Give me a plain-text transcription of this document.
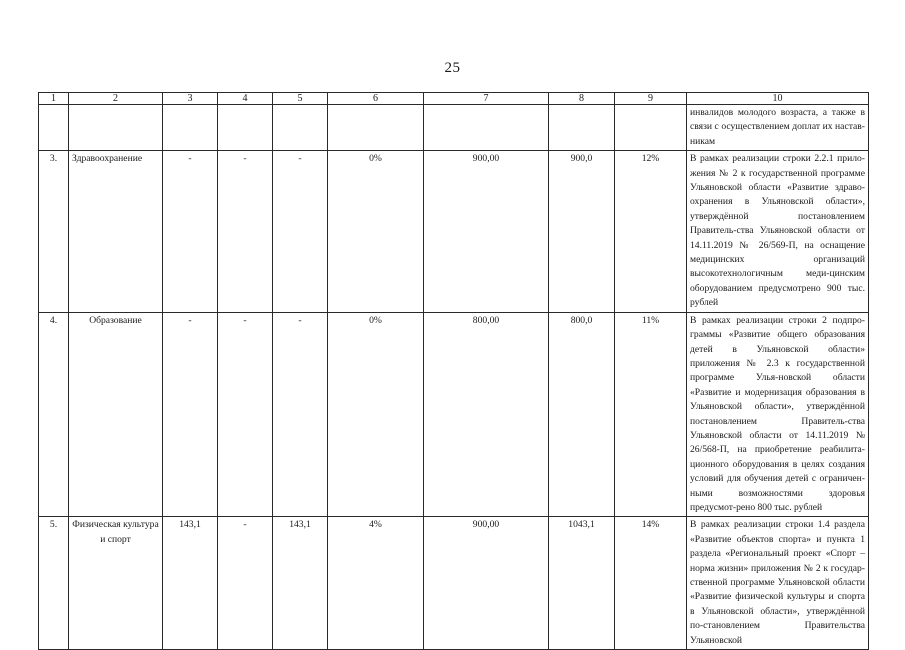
25
1	2	3	4	5	6	7	8	9	10
									инвалидов молодого возраста, а также в связи с осуществлением доплат их настав-никам
3.	Здравоохранение	-	-	-	0%	900,00	900,0	12%	В рамках реализации строки 2.2.1 прило-жения № 2 к государственной программе Ульяновской области «Развитие здраво-охранения в Ульяновской области», утверждённой постановлением Правитель-ства Ульяновской области от 14.11.2019 № 26/569-П, на оснащение медицинских организаций высокотехнологичным меди-цинским оборудованием предусмотрено 900 тыс. рублей
4.	Образование	-	-	-	0%	800,00	800,0	11%	В рамках реализации строки 2 подпро-граммы «Развитие общего образования детей в Ульяновской области» приложения № 2.3 к государственной программе Улья-новской области «Развитие и модернизация образования в Ульяновской области», утверждённой постановлением Правитель-ства Ульяновской области от 14.11.2019 № 26/568-П, на приобретение реабилита-ционного оборудования в целях создания условий для обучения детей с ограничен-ными возможностями здоровья предусмот-рено 800 тыс. рублей
5.	Физическая культура и спорт	143,1	-	143,1	4%	900,00	1043,1	14%	В рамках реализации строки 1.4 раздела «Развитие объектов спорта» и пункта 1 раздела «Региональный проект «Спорт – норма жизни» приложения № 2 к государ-ственной программе Ульяновской области «Развитие физической культуры и спорта в Ульяновской области», утверждённой по-становлением Правительства Ульяновской
